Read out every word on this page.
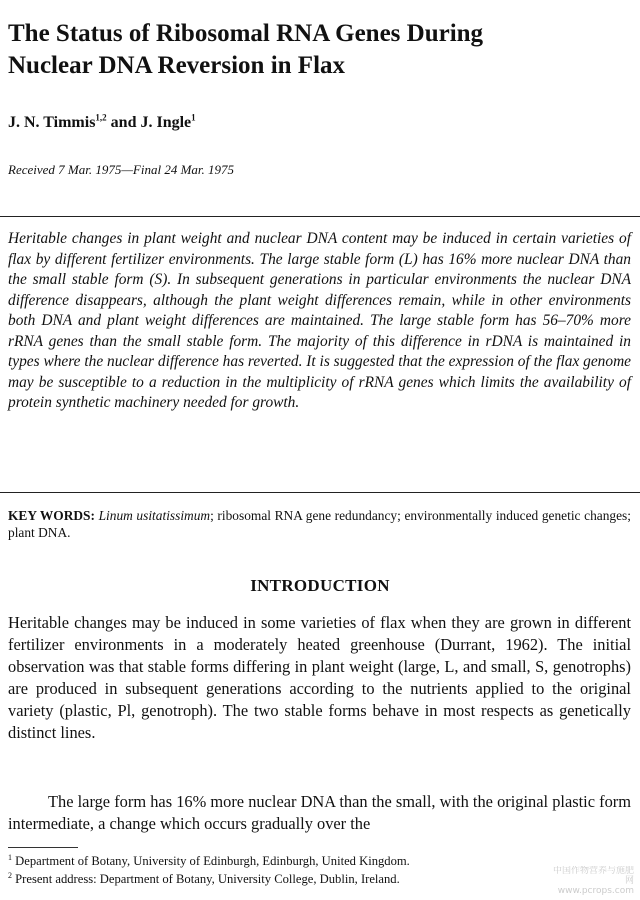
The Status of Ribosomal RNA Genes During
Nuclear DNA Reversion in Flax
J. N. Timmis$^{1,2}$ and J. Ingle$^1$
Received 7 Mar. 1975—Final 24 Mar. 1975

Heritable changes in plant weight and nuclear DNA content may be induced in certain varieties of flax by different fertilizer environments. The large stable form (L) has 16% more nuclear DNA than the small stable form (S). In subsequent generations in particular environments the nuclear DNA difference disappears, although the plant weight differences remain, while in other environments both DNA and plant weight differences are maintained. The large stable form has 56–70% more rRNA genes than the small stable form. The majority of this difference in rDNA is maintained in types where the nuclear difference has reverted. It is suggested that the expression of the flax genome may be susceptible to a reduction in the multiplicity of rRNA genes which limits the availability of protein synthetic machinery needed for growth.

KEY WORDS: Linum usitatissimum; ribosomal RNA gene redundancy; environmentally induced genetic changes; plant DNA.

INTRODUCTION

Heritable changes may be induced in some varieties of flax when they are grown in different fertilizer environments in a moderately heated greenhouse (Durrant, 1962). The initial observation was that stable forms differing in plant weight (large, L, and small, S, genotrophs) are produced in subsequent generations according to the nutrients applied to the original variety (plastic, Pl, genotroph). The two stable forms behave in most respects as genetically distinct lines.

The large form has 16% more nuclear DNA than the small, with the original plastic form intermediate, a change which occurs gradually over the

$^1$ Department of Botany, University of Edinburgh, Edinburgh, United Kingdom.
$^2$ Present address: Department of Botany, University College, Dublin, Ireland.
中国作物营养与施肥网 www.pcrops.com
